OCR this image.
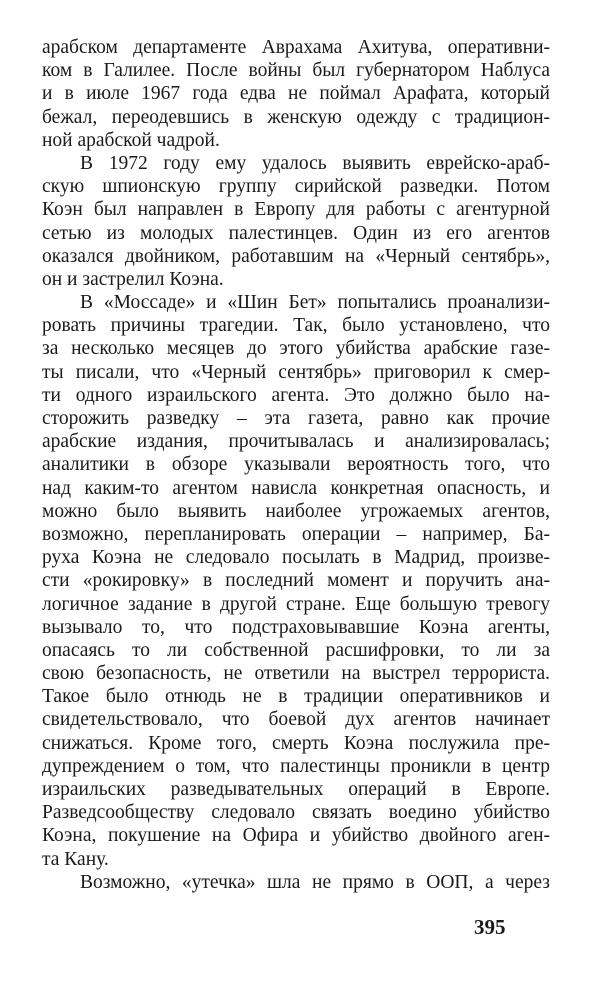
арабском департаменте Аврахама Ахитува, оперативни-
ком в Галилее. После войны был губернатором Наблуса
и в июле 1967 года едва не поймал Арафата, который
бежал, переодевшись в женскую одежду с традицион-
ной арабской чадрой.
В 1972 году ему удалось выявить еврейско-араб-
скую шпионскую группу сирийской разведки. Потом
Коэн был направлен в Европу для работы с агентурной
сетью из молодых палестинцев. Один из его агентов
оказался двойником, работавшим на «Черный сентябрь»,
он и застрелил Коэна.
В «Моссаде» и «Шин Бет» попытались проанализи-
ровать причины трагедии. Так, было установлено, что
за несколько месяцев до этого убийства арабские газе-
ты писали, что «Черный сентябрь» приговорил к смер-
ти одного израильского агента. Это должно было на-
сторожить разведку – эта газета, равно как прочие
арабские издания, прочитывалась и анализировалась;
аналитики в обзоре указывали вероятность того, что
над каким-то агентом нависла конкретная опасность, и
можно было выявить наиболее угрожаемых агентов,
возможно, перепланировать операции – например, Ба-
руха Коэна не следовало посылать в Мадрид, произве-
сти «рокировку» в последний момент и поручить ана-
логичное задание в другой стране. Еще большую тревогу
вызывало то, что подстраховывавшие Коэна агенты,
опасаясь то ли собственной расшифровки, то ли за
свою безопасность, не ответили на выстрел террориста.
Такое было отнюдь не в традиции оперативников и
свидетельствовало, что боевой дух агентов начинает
снижаться. Кроме того, смерть Коэна послужила пре-
дупреждением о том, что палестинцы проникли в центр
израильских разведывательных операций в Европе.
Разведсообществу следовало связать воедино убийство
Коэна, покушение на Офира и убийство двойного аген-
та Кану.
Возможно, «утечка» шла не прямо в ООП, а через
395
